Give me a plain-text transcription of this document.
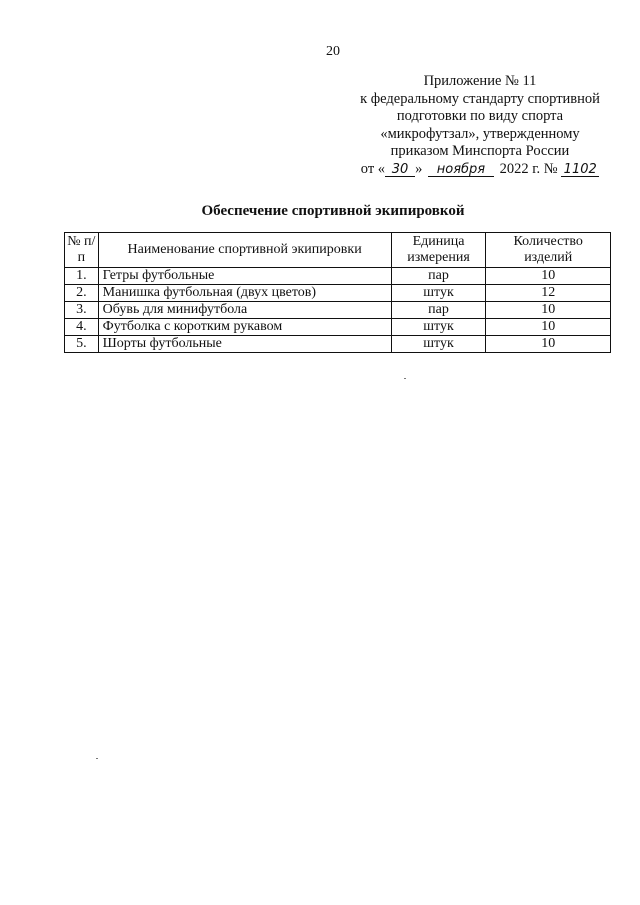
20
Приложение № 11
к федеральному стандарту спортивной
подготовки по виду спорта
«микрофутзал», утвержденному
приказом Минспорта России
от « 30 » ноября 2022 г. № 1102
Обеспечение спортивной экипировкой
№ п/п	Наименование спортивной экипировки	Единица измерения	Количество изделий
1.	Гетры футбольные	пар	10
2.	Манишка футбольная (двух цветов)	штук	12
3.	Обувь для минифутбола	пар	10
4.	Футболка с коротким рукавом	штук	10
5.	Шорты футбольные	штук	10
